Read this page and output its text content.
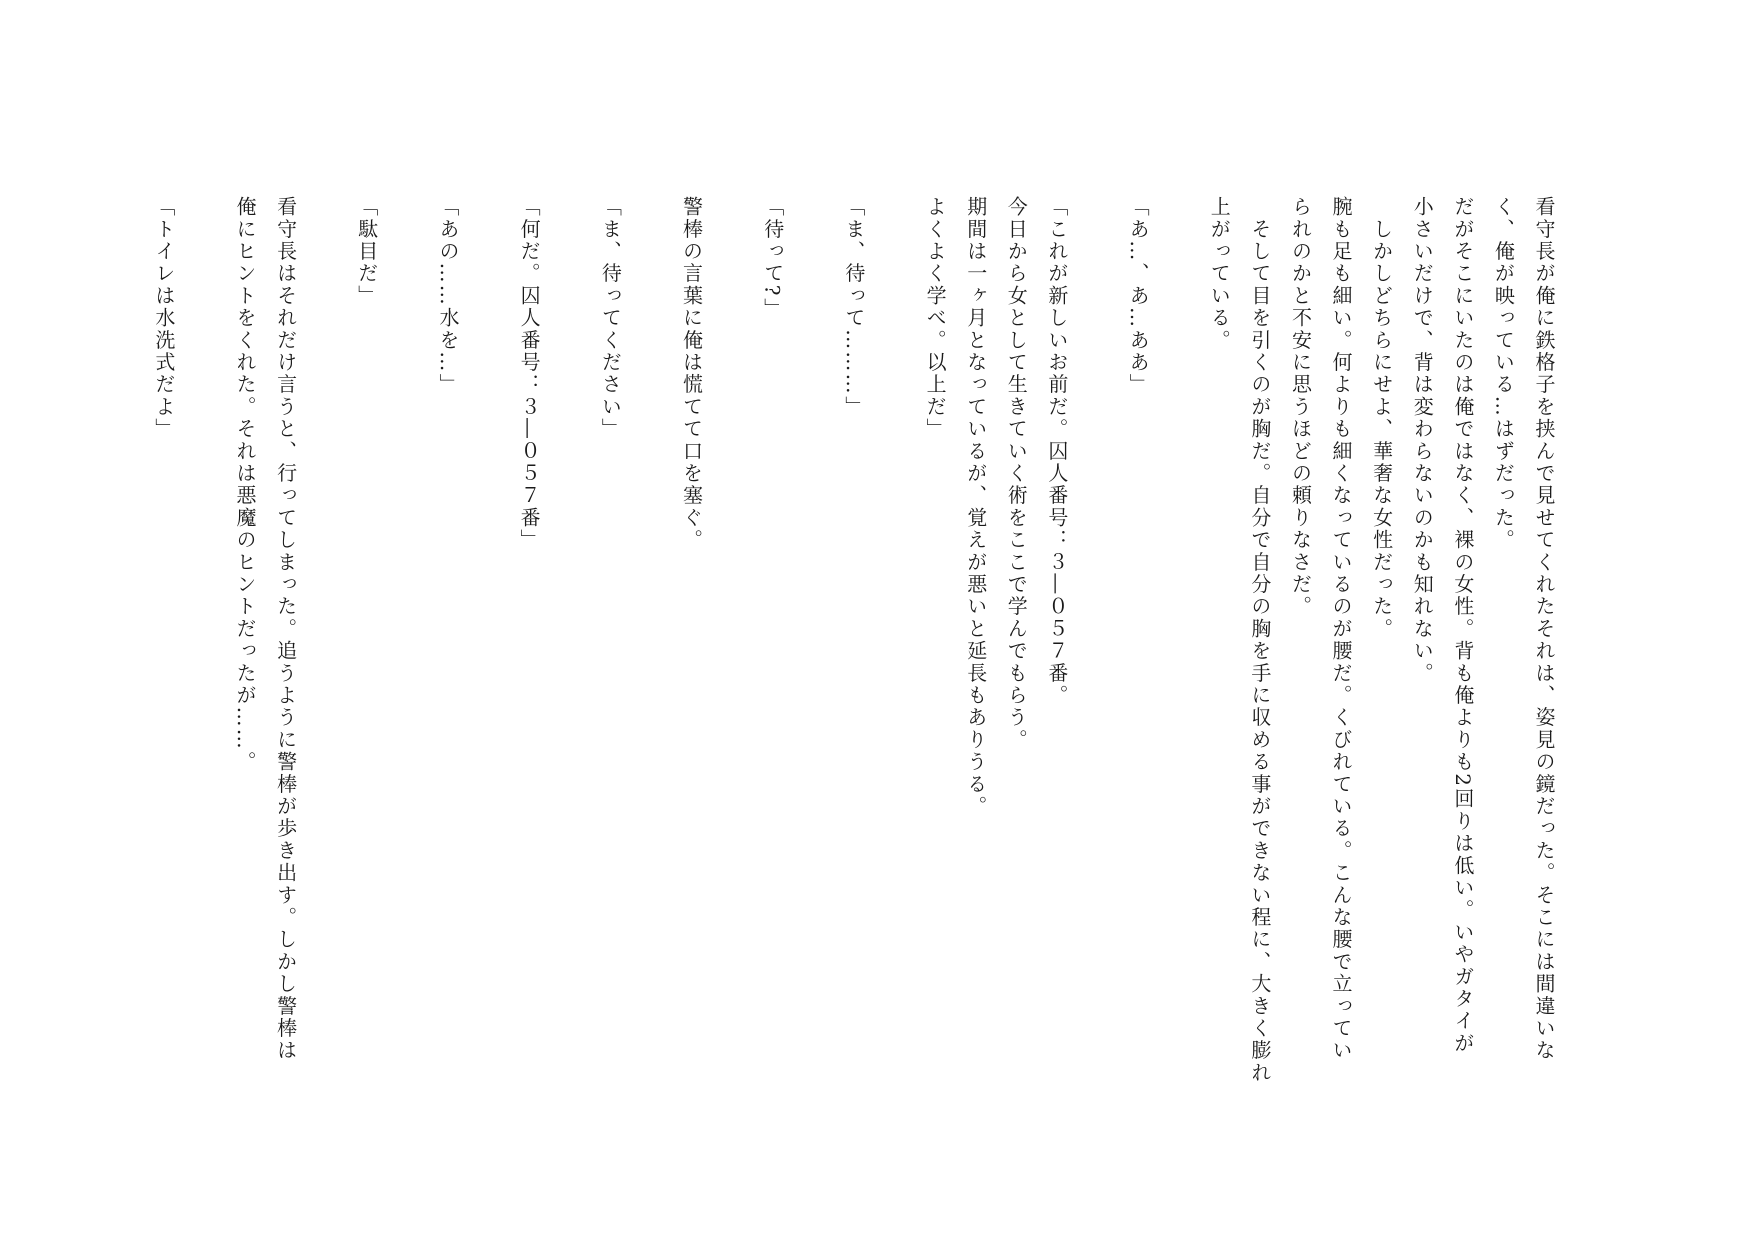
看守長が俺に鉄格子を挟んで見せてくれたそれは、姿見の鏡だった。そこには間違いな

く、俺が映っている…はずだった。

だがそこにいたのは俺ではなく、裸の女性。背も俺よりも2回りは低い。いやガタイが

小さいだけで、背は変わらないのかも知れない。

　しかしどちらにせよ、華奢な女性だった。

腕も足も細い。何よりも細くなっているのが腰だ。くびれている。こんな腰で立ってい

られのかと不安に思うほどの頼りなさだ。

　そして目を引くのが胸だ。自分で自分の胸を手に収める事ができない程に、大きく膨れ

上がっている。

「あ…、あ…ああ」

「これが新しいお前だ。囚人番号：３―０５７番。

今日から女として生きていく術をここで学んでもらう。

期間は一ヶ月となっているが、覚えが悪いと延長もありうる。

よくよく学べ。以上だ」

「ま、待って………」

「待って?」

警棒の言葉に俺は慌てて口を塞ぐ。

「ま、待ってください」

「何だ。囚人番号：３―０５７番」

「あの……水を…」

「駄目だ」

看守長はそれだけ言うと、行ってしまった。追うように警棒が歩き出す。しかし警棒は

俺にヒントをくれた。それは悪魔のヒントだったが……。

「トイレは水洗式だよ」
